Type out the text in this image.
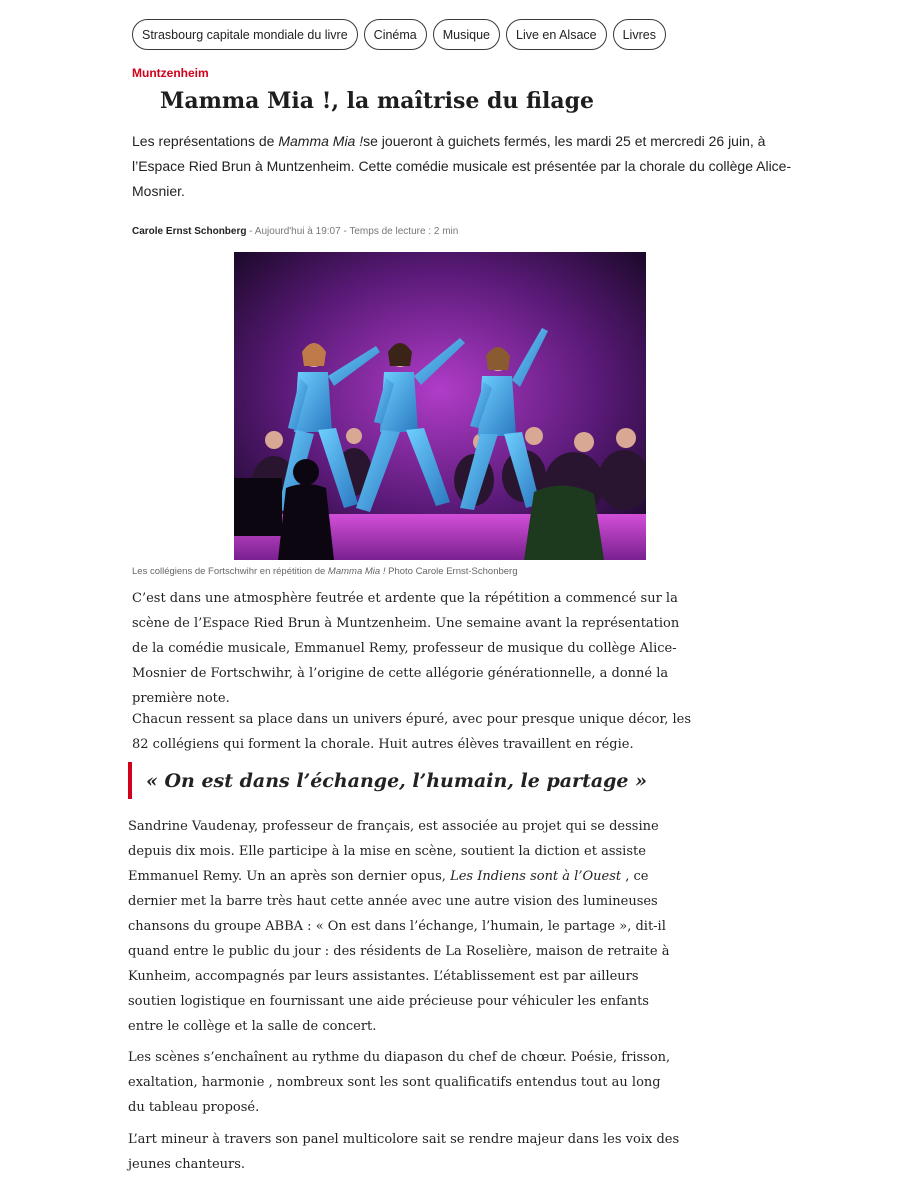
Strasbourg capitale mondiale du livre	Cinéma	Musique	Live en Alsace	Livres
Muntzenheim
Mamma Mia !, la maîtrise du filage

Les représentations de Mamma Mia !se joueront à guichets fermés, les mardi 25 et mercredi 26 juin, à
l’Espace Ried Brun à Muntzenheim. Cette comédie musicale est présentée par la chorale du collège Alice-
Mosnier.

Carole Ernst Schonberg - Aujourd'hui à 19:07 - Temps de lecture : 2 min
Les collégiens de Fortschwihr en répétition de Mamma Mia ! Photo Carole Ernst-Schonberg

C’est dans une atmosphère feutrée et ardente que la répétition a commencé sur la
scène de l’Espace Ried Brun à Muntzenheim. Une semaine avant la représentation
de la comédie musicale, Emmanuel Remy, professeur de musique du collège Alice-
Mosnier de Fortschwihr, à l’origine de cette allégorie générationnelle, a donné la
première note.

Chacun ressent sa place dans un univers épuré, avec pour presque unique décor, les
82 collégiens qui forment la chorale. Huit autres élèves travaillent en régie.

« On est dans l’échange, l’humain, le partage »

Sandrine Vaudenay, professeur de français, est associée au projet qui se dessine
depuis dix mois. Elle participe à la mise en scène, soutient la diction et assiste
Emmanuel Remy. Un an après son dernier opus, Les Indiens sont à l’Ouest , ce
dernier met la barre très haut cette année avec une autre vision des lumineuses
chansons du groupe ABBA : « On est dans l’échange, l’humain, le partage », dit-il
quand entre le public du jour : des résidents de La Roselière, maison de retraite à
Kunheim, accompagnés par leurs assistantes. L’établissement est par ailleurs
soutien logistique en fournissant une aide précieuse pour véhiculer les enfants
entre le collège et la salle de concert.

Les scènes s’enchaînent au rythme du diapason du chef de chœur. Poésie, frisson,
exaltation, harmonie , nombreux sont les sont qualificatifs entendus tout au long
du tableau proposé.

L’art mineur à travers son panel multicolore sait se rendre majeur dans les voix des
jeunes chanteurs.
